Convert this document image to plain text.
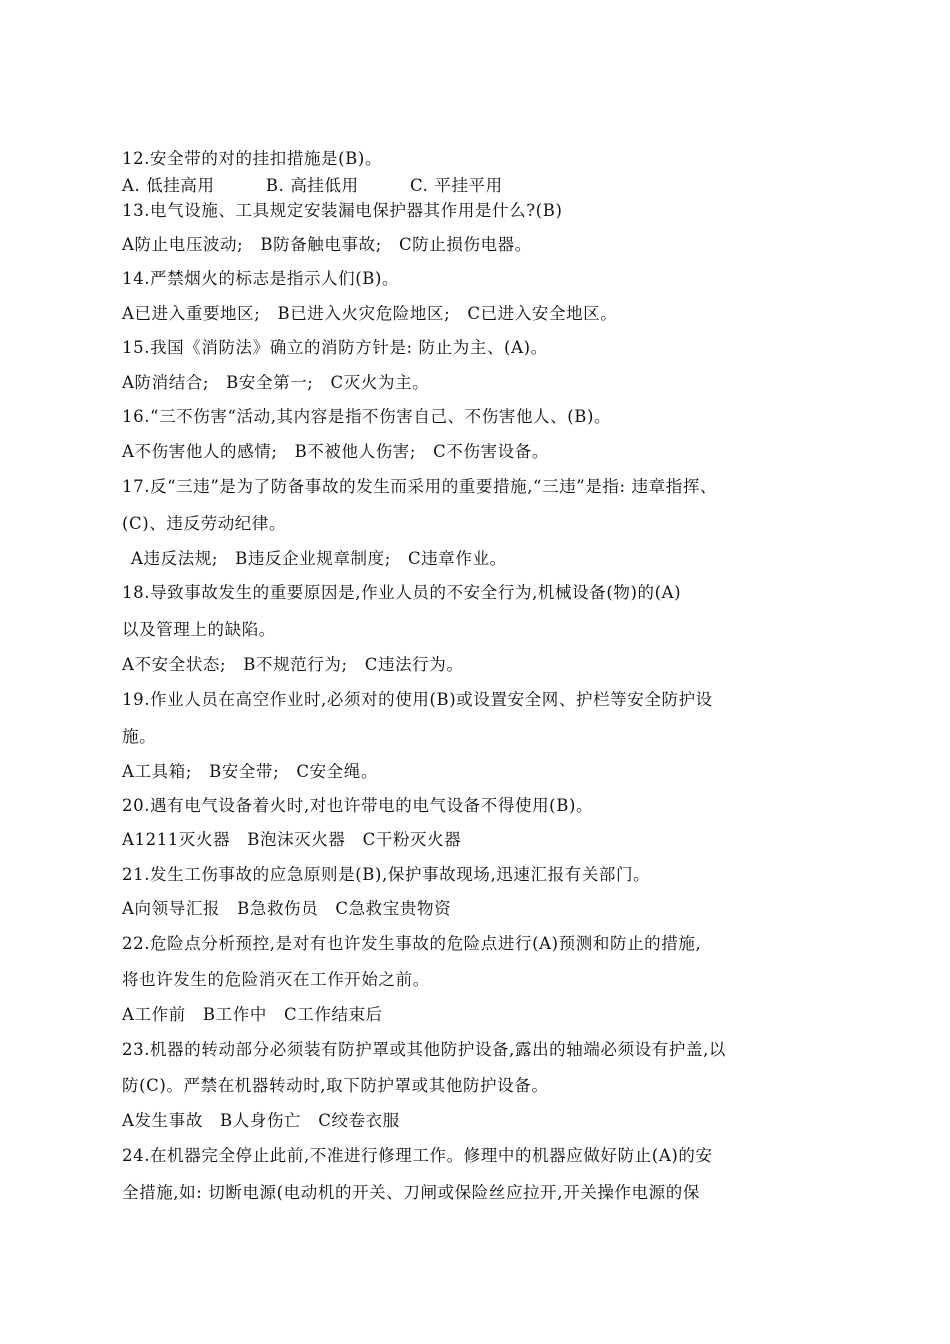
12.安全带的对的挂扣措施是(B)。
A. 低挂高用　　　B. 高挂低用　　　C. 平挂平用
13.电气设施、工具规定安装漏电保护器其作用是什么?(B)
A防止电压波动;　B防备触电事故;　C防止损伤电器。
14.严禁烟火的标志是指示人们(B)。
A已进入重要地区;　B已进入火灾危险地区;　C已进入安全地区。
15.我国《消防法》确立的消防方针是: 防止为主、(A)。
A防消结合;　B安全第一;　C灭火为主。
16.“三不伤害“活动,其内容是指不伤害自己、不伤害他人、(B)。
A不伤害他人的感情;　B不被他人伤害;　C不伤害设备。
17.反“三违”是为了防备事故的发生而采用的重要措施,“三违”是指: 违章指挥、
(C)、违反劳动纪律。
A违反法规;　B违反企业规章制度;　C违章作业。
18.导致事故发生的重要原因是,作业人员的不安全行为,机械设备(物)的(A)
以及管理上的缺陷。
A不安全状态;　B不规范行为;　C违法行为。
19.作业人员在高空作业时,必须对的使用(B)或设置安全网、护栏等安全防护设
施。
A工具箱;　B安全带;　C安全绳。
20.遇有电气设备着火时,对也许带电的电气设备不得使用(B)。
A1211灭火器　B泡沫灭火器　C干粉灭火器
21.发生工伤事故的应急原则是(B),保护事故现场,迅速汇报有关部门。
A向领导汇报　B急救伤员　C急救宝贵物资
22.危险点分析预控,是对有也许发生事故的危险点进行(A)预测和防止的措施,
将也许发生的危险消灭在工作开始之前。
A工作前　B工作中　C工作结束后
23.机器的转动部分必须装有防护罩或其他防护设备,露出的轴端必须设有护盖,以
防(C)。严禁在机器转动时,取下防护罩或其他防护设备。
A发生事故　B人身伤亡　C绞卷衣服
24.在机器完全停止此前,不准进行修理工作。修理中的机器应做好防止(A)的安
全措施,如: 切断电源(电动机的开关、刀闸或保险丝应拉开,开关操作电源的保
